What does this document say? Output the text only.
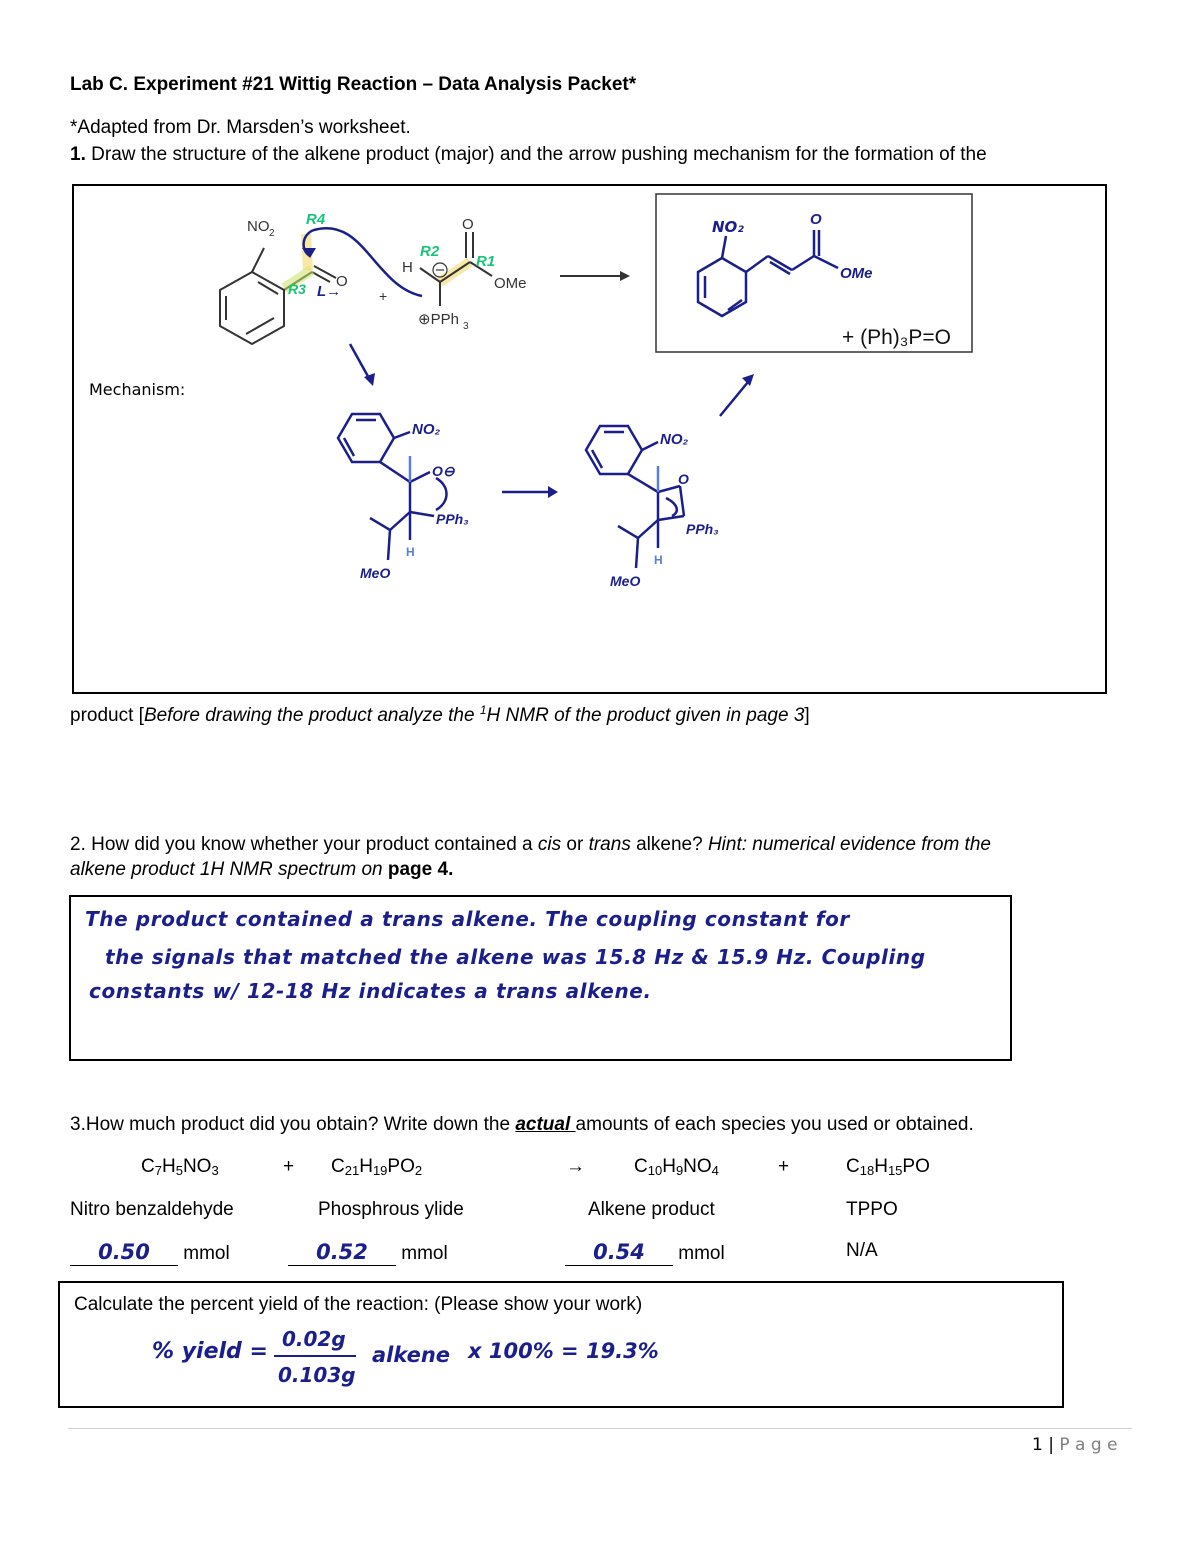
Lab C. Experiment #21 Wittig Reaction – Data Analysis Packet*
*Adapted from Dr. Marsden’s worksheet.
1. Draw the structure of the alkene product (major) and the arrow pushing mechanism for the formation of the
Mechanism:
NO 2
O
R4
R3 L→	+
H
O
OMe
⊕PPh 3
R2
R1
NO₂	O
OMe
+ (Ph)₃P=O
NO₂
O⊖
PPh₃
MeO
H
NO₂
O
PPh₃
MeO
H
product [Before drawing the product analyze the $^1$H NMR of the product given in page 3]
2. How did you know whether your product contained a cis or trans alkene? Hint: numerical evidence from the
alkene product 1H NMR spectrum on page 4.
The product contained a trans alkene. The coupling constant for
the signals that matched the alkene was 15.8 Hz & 15.9 Hz. Coupling
constants w/ 12-18 Hz indicates a trans alkene.
3.How much product did you obtain? Write down the actual amounts of each species you used or obtained.
$C_7H_5NO_3$	+ $C_{21}H_{19}PO_2$	→	$C_{10}H_9NO_4$	+	$C_{18}H_{15}PO$
Nitro benzaldehyde	Phosphrous ylide	Alkene product	TPPO
0.50 mmol	0.52 mmol	0.54 mmol	N/A
Calculate the percent yield of the reaction: (Please show your work)
% yield = 0.02g
0.103g
alkene x 100% = 19.3%
1 | P a g e
